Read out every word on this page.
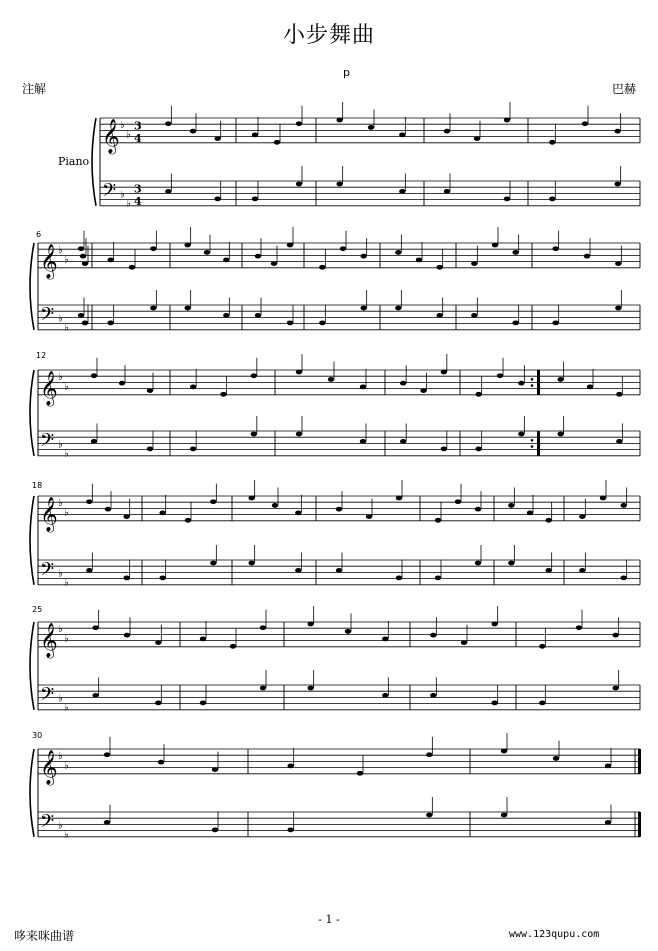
小步舞曲
p
注解	巴赫
Piano
𝄞 ♭
♭
3
4
𝄢 ♭
♭
3
4
𝄞 ♭
♭
𝄢 ♭
♭
𝄞 ♭
♭
𝄢 ♭
♭
𝄞 ♭
♭
𝄢 ♭
♭
𝄞 ♭
♭
𝄢 ♭
♭
𝄞 ♭
♭
𝄢 ♭
♭
6
12
18
25
30
- 1 -
哆来咪曲谱	www.123qupu.com
